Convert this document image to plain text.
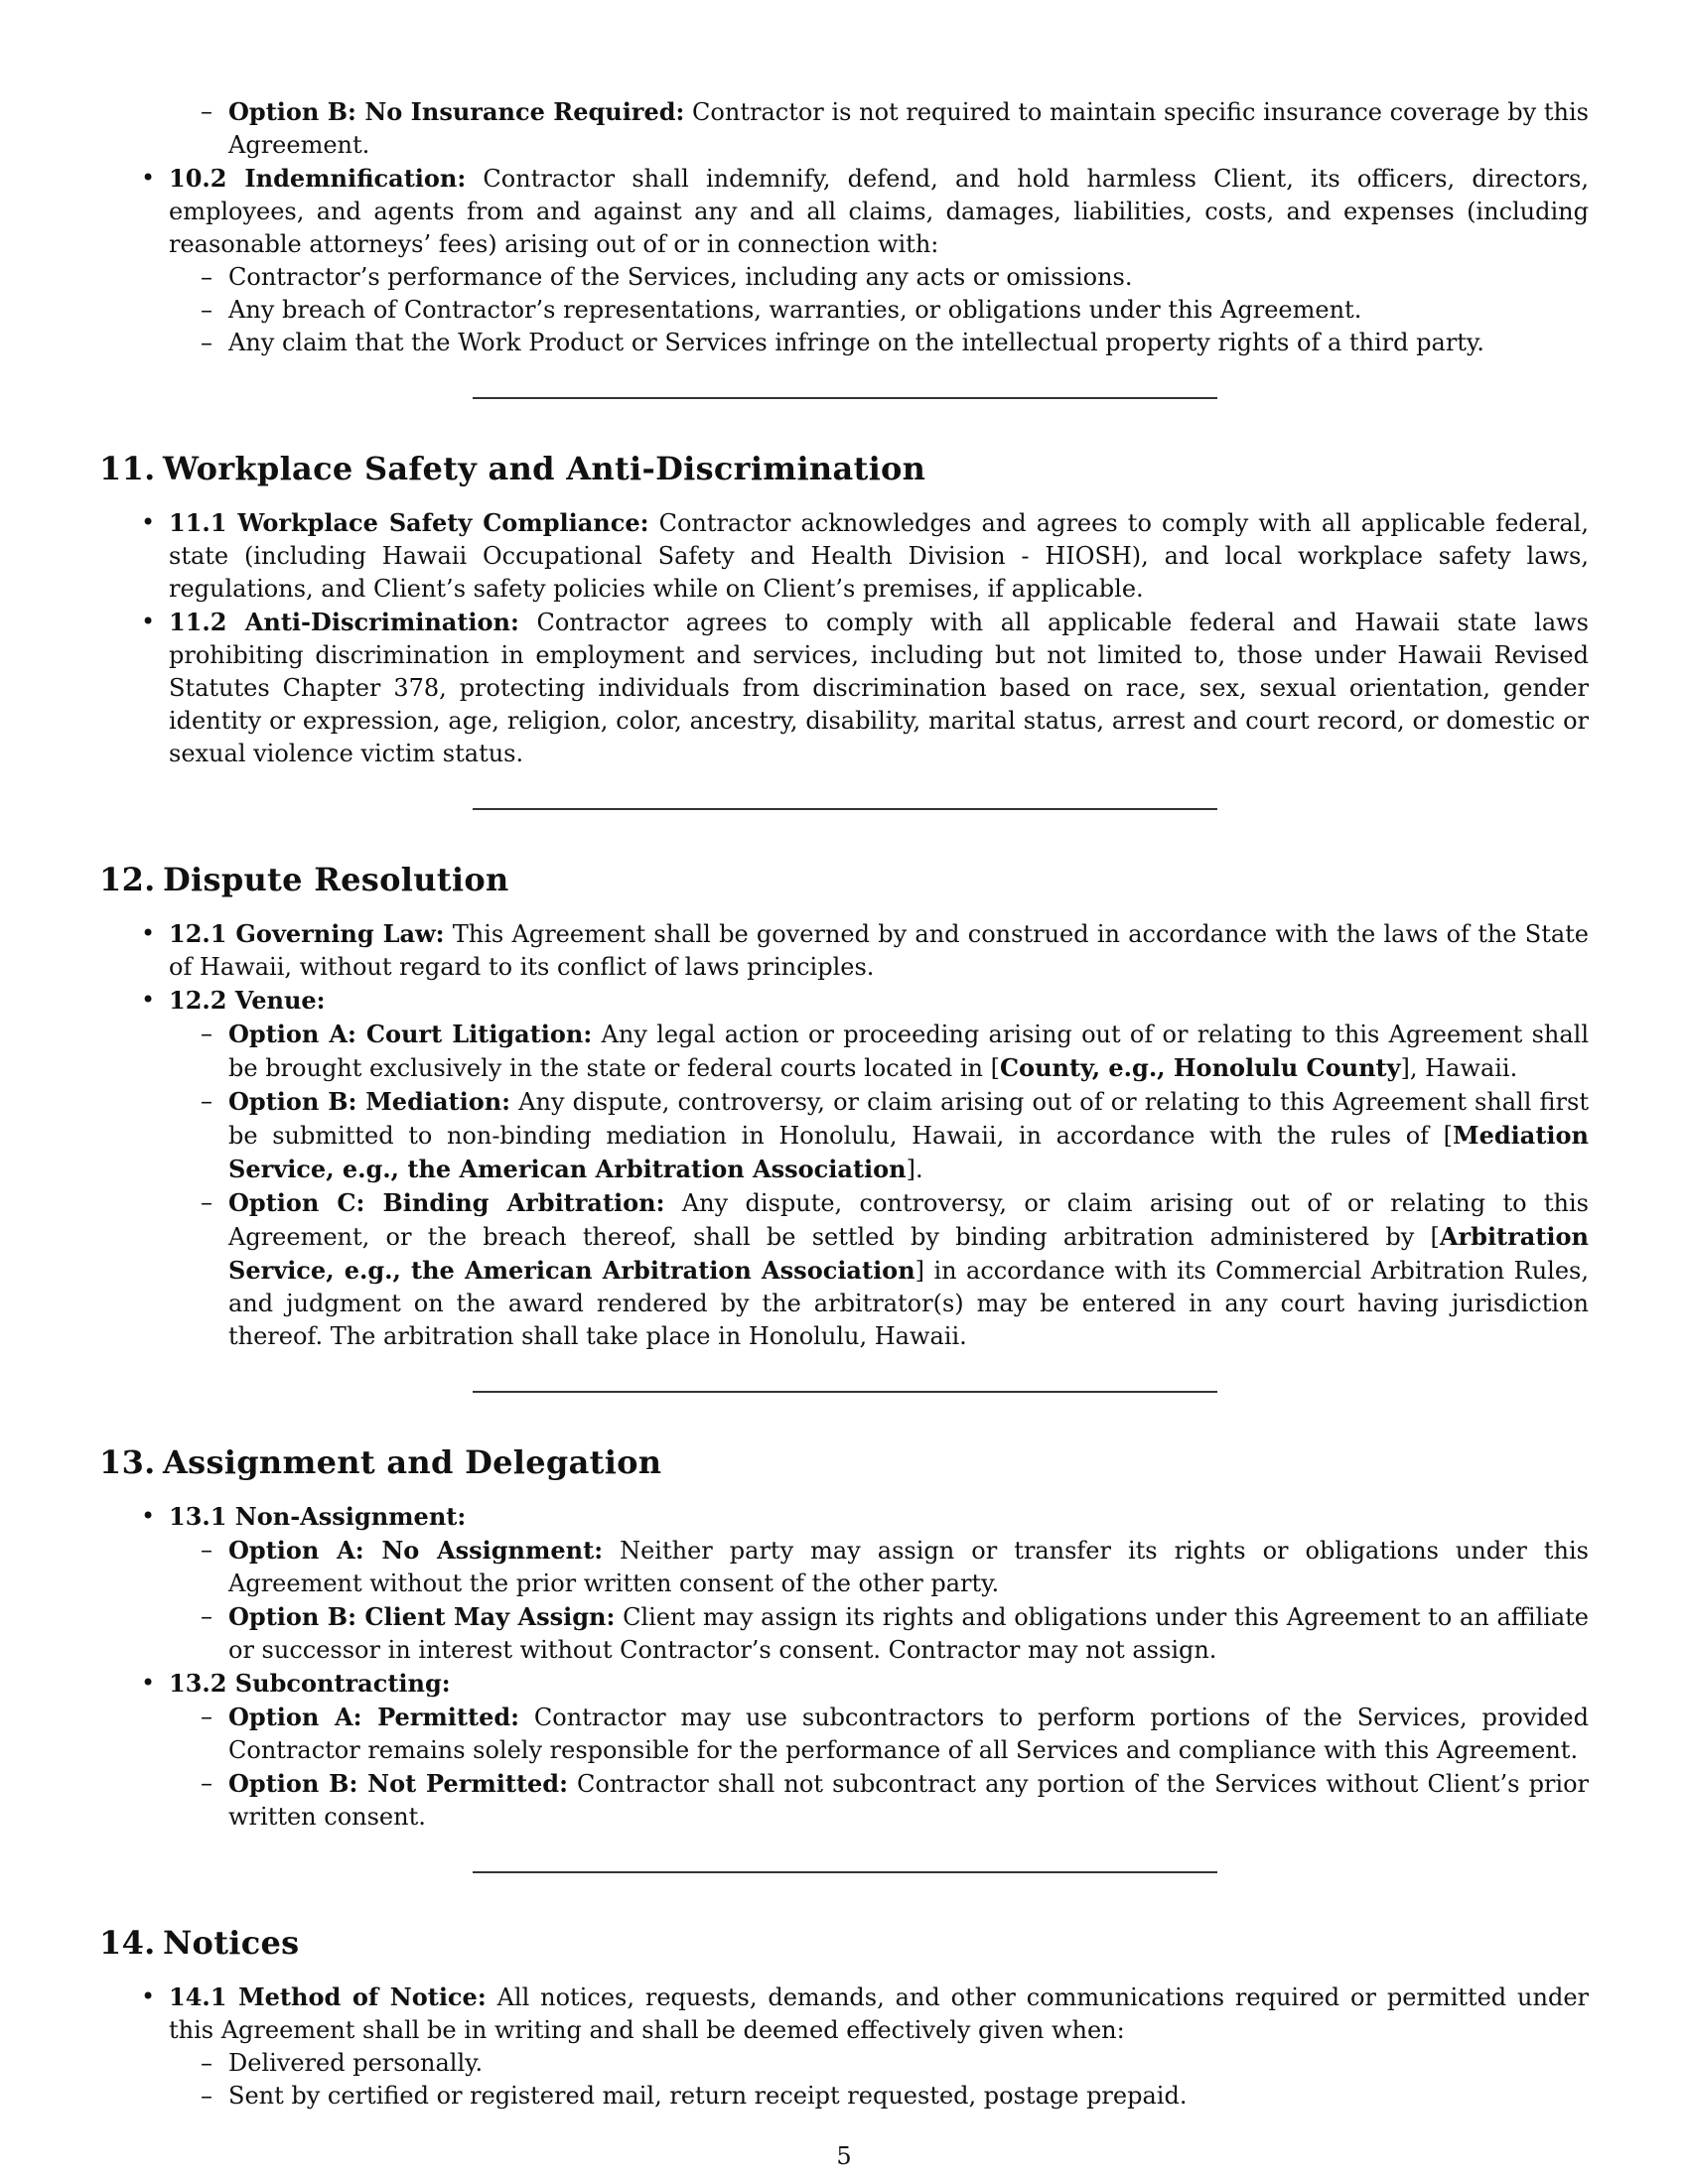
– Option B: No Insurance Required: Contractor is not required to maintain specific insurance coverage by this Agreement.
• 10.2 Indemnification: Contractor shall indemnify, defend, and hold harmless Client, its officers, directors, employees, and agents from and against any and all claims, damages, liabilities, costs, and expenses (including reasonable attorneys’ fees) arising out of or in connection with:
– Contractor’s performance of the Services, including any acts or omissions.
– Any breach of Contractor’s representations, warranties, or obligations under this Agreement.
– Any claim that the Work Product or Services infringe on the intellectual property rights of a third party.
11. Workplace Safety and Anti-Discrimination
• 11.1 Workplace Safety Compliance: Contractor acknowledges and agrees to comply with all applicable federal, state (including Hawaii Occupational Safety and Health Division - HIOSH), and local workplace safety laws, regulations, and Client’s safety policies while on Client’s premises, if applicable.
• 11.2 Anti-Discrimination: Contractor agrees to comply with all applicable federal and Hawaii state laws prohibiting discrimination in employment and services, including but not limited to, those under Hawaii Revised Statutes Chapter 378, protecting individuals from discrimination based on race, sex, sexual orientation, gender identity or expression, age, religion, color, ancestry, disability, marital status, arrest and court record, or domestic or sexual violence victim status.
12. Dispute Resolution
• 12.1 Governing Law: This Agreement shall be governed by and construed in accordance with the laws of the State of Hawaii, without regard to its conflict of laws principles.
• 12.2 Venue:
– Option A: Court Litigation: Any legal action or proceeding arising out of or relating to this Agreement shall be brought exclusively in the state or federal courts located in [County, e.g., Honolulu County], Hawaii.
– Option B: Mediation: Any dispute, controversy, or claim arising out of or relating to this Agreement shall first be submitted to non-binding mediation in Honolulu, Hawaii, in accordance with the rules of [Mediation Service, e.g., the American Arbitration Association].
– Option C: Binding Arbitration: Any dispute, controversy, or claim arising out of or relating to this Agreement, or the breach thereof, shall be settled by binding arbitration administered by [Arbitration Service, e.g., the American Arbitration Association] in accordance with its Commercial Arbitration Rules, and judgment on the award rendered by the arbitrator(s) may be entered in any court having jurisdiction thereof. The arbitration shall take place in Honolulu, Hawaii.
13. Assignment and Delegation
• 13.1 Non-Assignment:
– Option A: No Assignment: Neither party may assign or transfer its rights or obligations under this Agreement without the prior written consent of the other party.
– Option B: Client May Assign: Client may assign its rights and obligations under this Agreement to an affiliate or successor in interest without Contractor’s consent. Contractor may not assign.
• 13.2 Subcontracting:
– Option A: Permitted: Contractor may use subcontractors to perform portions of the Services, provided Contractor remains solely responsible for the performance of all Services and compliance with this Agreement.
– Option B: Not Permitted: Contractor shall not subcontract any portion of the Services without Client’s prior written consent.
14. Notices
• 14.1 Method of Notice: All notices, requests, demands, and other communications required or permitted under this Agreement shall be in writing and shall be deemed effectively given when:
– Delivered personally.
– Sent by certified or registered mail, return receipt requested, postage prepaid.
5
